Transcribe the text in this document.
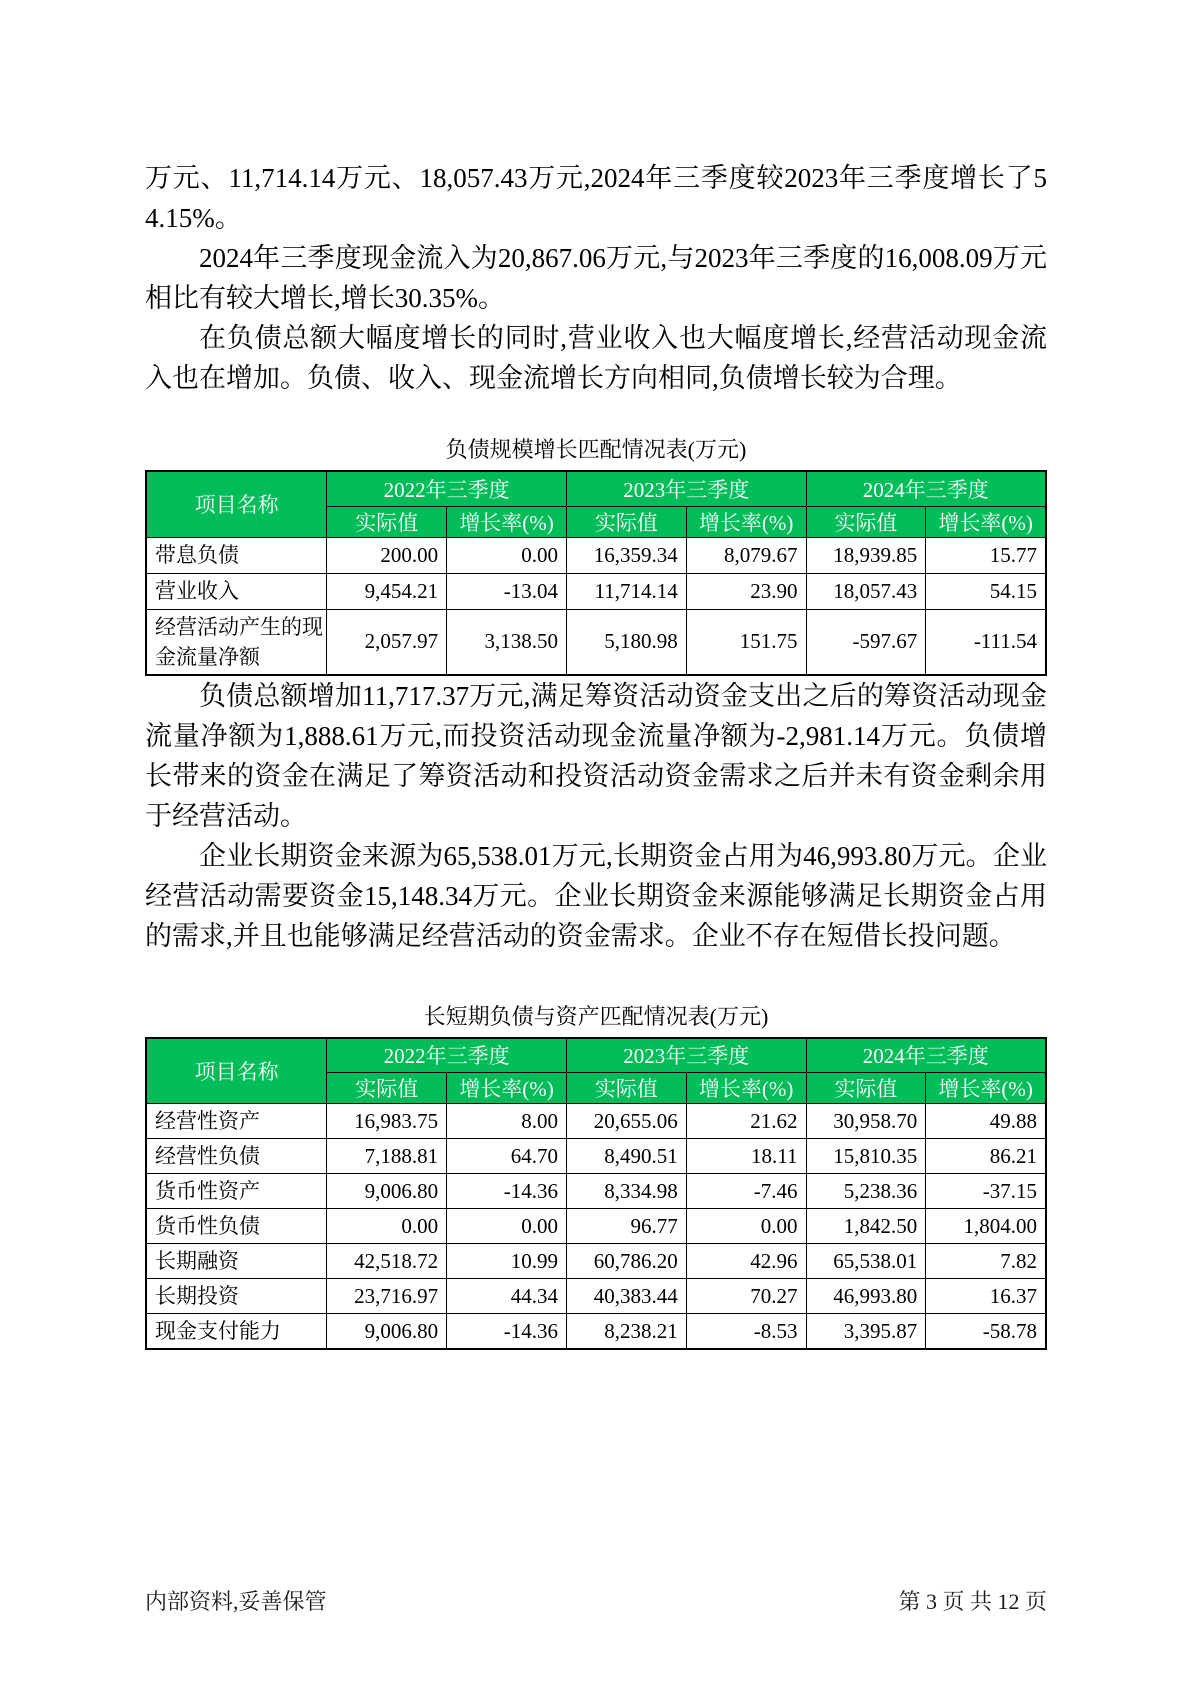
万元、11,714.14万元、18,057.43万元,2024年三季度较2023年三季度增长了54.15%。

2024年三季度现金流入为20,867.06万元,与2023年三季度的16,008.09万元相比有较大增长,增长30.35%。

在负债总额大幅度增长的同时,营业收入也大幅度增长,经营活动现金流入也在增加。负债、收入、现金流增长方向相同,负债增长较为合理。

负债规模增长匹配情况表(万元)
项目名称	2022年三季度		2023年三季度		2024年三季度	
	实际值	增长率(%)	实际值	增长率(%)	实际值	增长率(%)
带息负债	200.00	0.00	16,359.34	8,079.67	18,939.85	15.77
营业收入	9,454.21	-13.04	11,714.14	23.90	18,057.43	54.15
经营活动产生的现金流量净额	2,057.97	3,138.50	5,180.98	151.75	-597.67	-111.54

负债总额增加11,717.37万元,满足筹资活动资金支出之后的筹资活动现金流量净额为1,888.61万元,而投资活动现金流量净额为-2,981.14万元。负债增长带来的资金在满足了筹资活动和投资活动资金需求之后并未有资金剩余用于经营活动。

企业长期资金来源为65,538.01万元,长期资金占用为46,993.80万元。企业经营活动需要资金15,148.34万元。企业长期资金来源能够满足长期资金占用的需求,并且也能够满足经营活动的资金需求。企业不存在短借长投问题。

长短期负债与资产匹配情况表(万元)
项目名称	2022年三季度		2023年三季度		2024年三季度	
	实际值	增长率(%)	实际值	增长率(%)	实际值	增长率(%)
经营性资产	16,983.75	8.00	20,655.06	21.62	30,958.70	49.88
经营性负债	7,188.81	64.70	8,490.51	18.11	15,810.35	86.21
货币性资产	9,006.80	-14.36	8,334.98	-7.46	5,238.36	-37.15
货币性负债	0.00	0.00	96.77	0.00	1,842.50	1,804.00
长期融资	42,518.72	10.99	60,786.20	42.96	65,538.01	7.82
长期投资	23,716.97	44.34	40,383.44	70.27	46,993.80	16.37
现金支付能力	9,006.80	-14.36	8,238.21	-8.53	3,395.87	-58.78
内部资料,妥善保管	第 3 页 共 12 页
